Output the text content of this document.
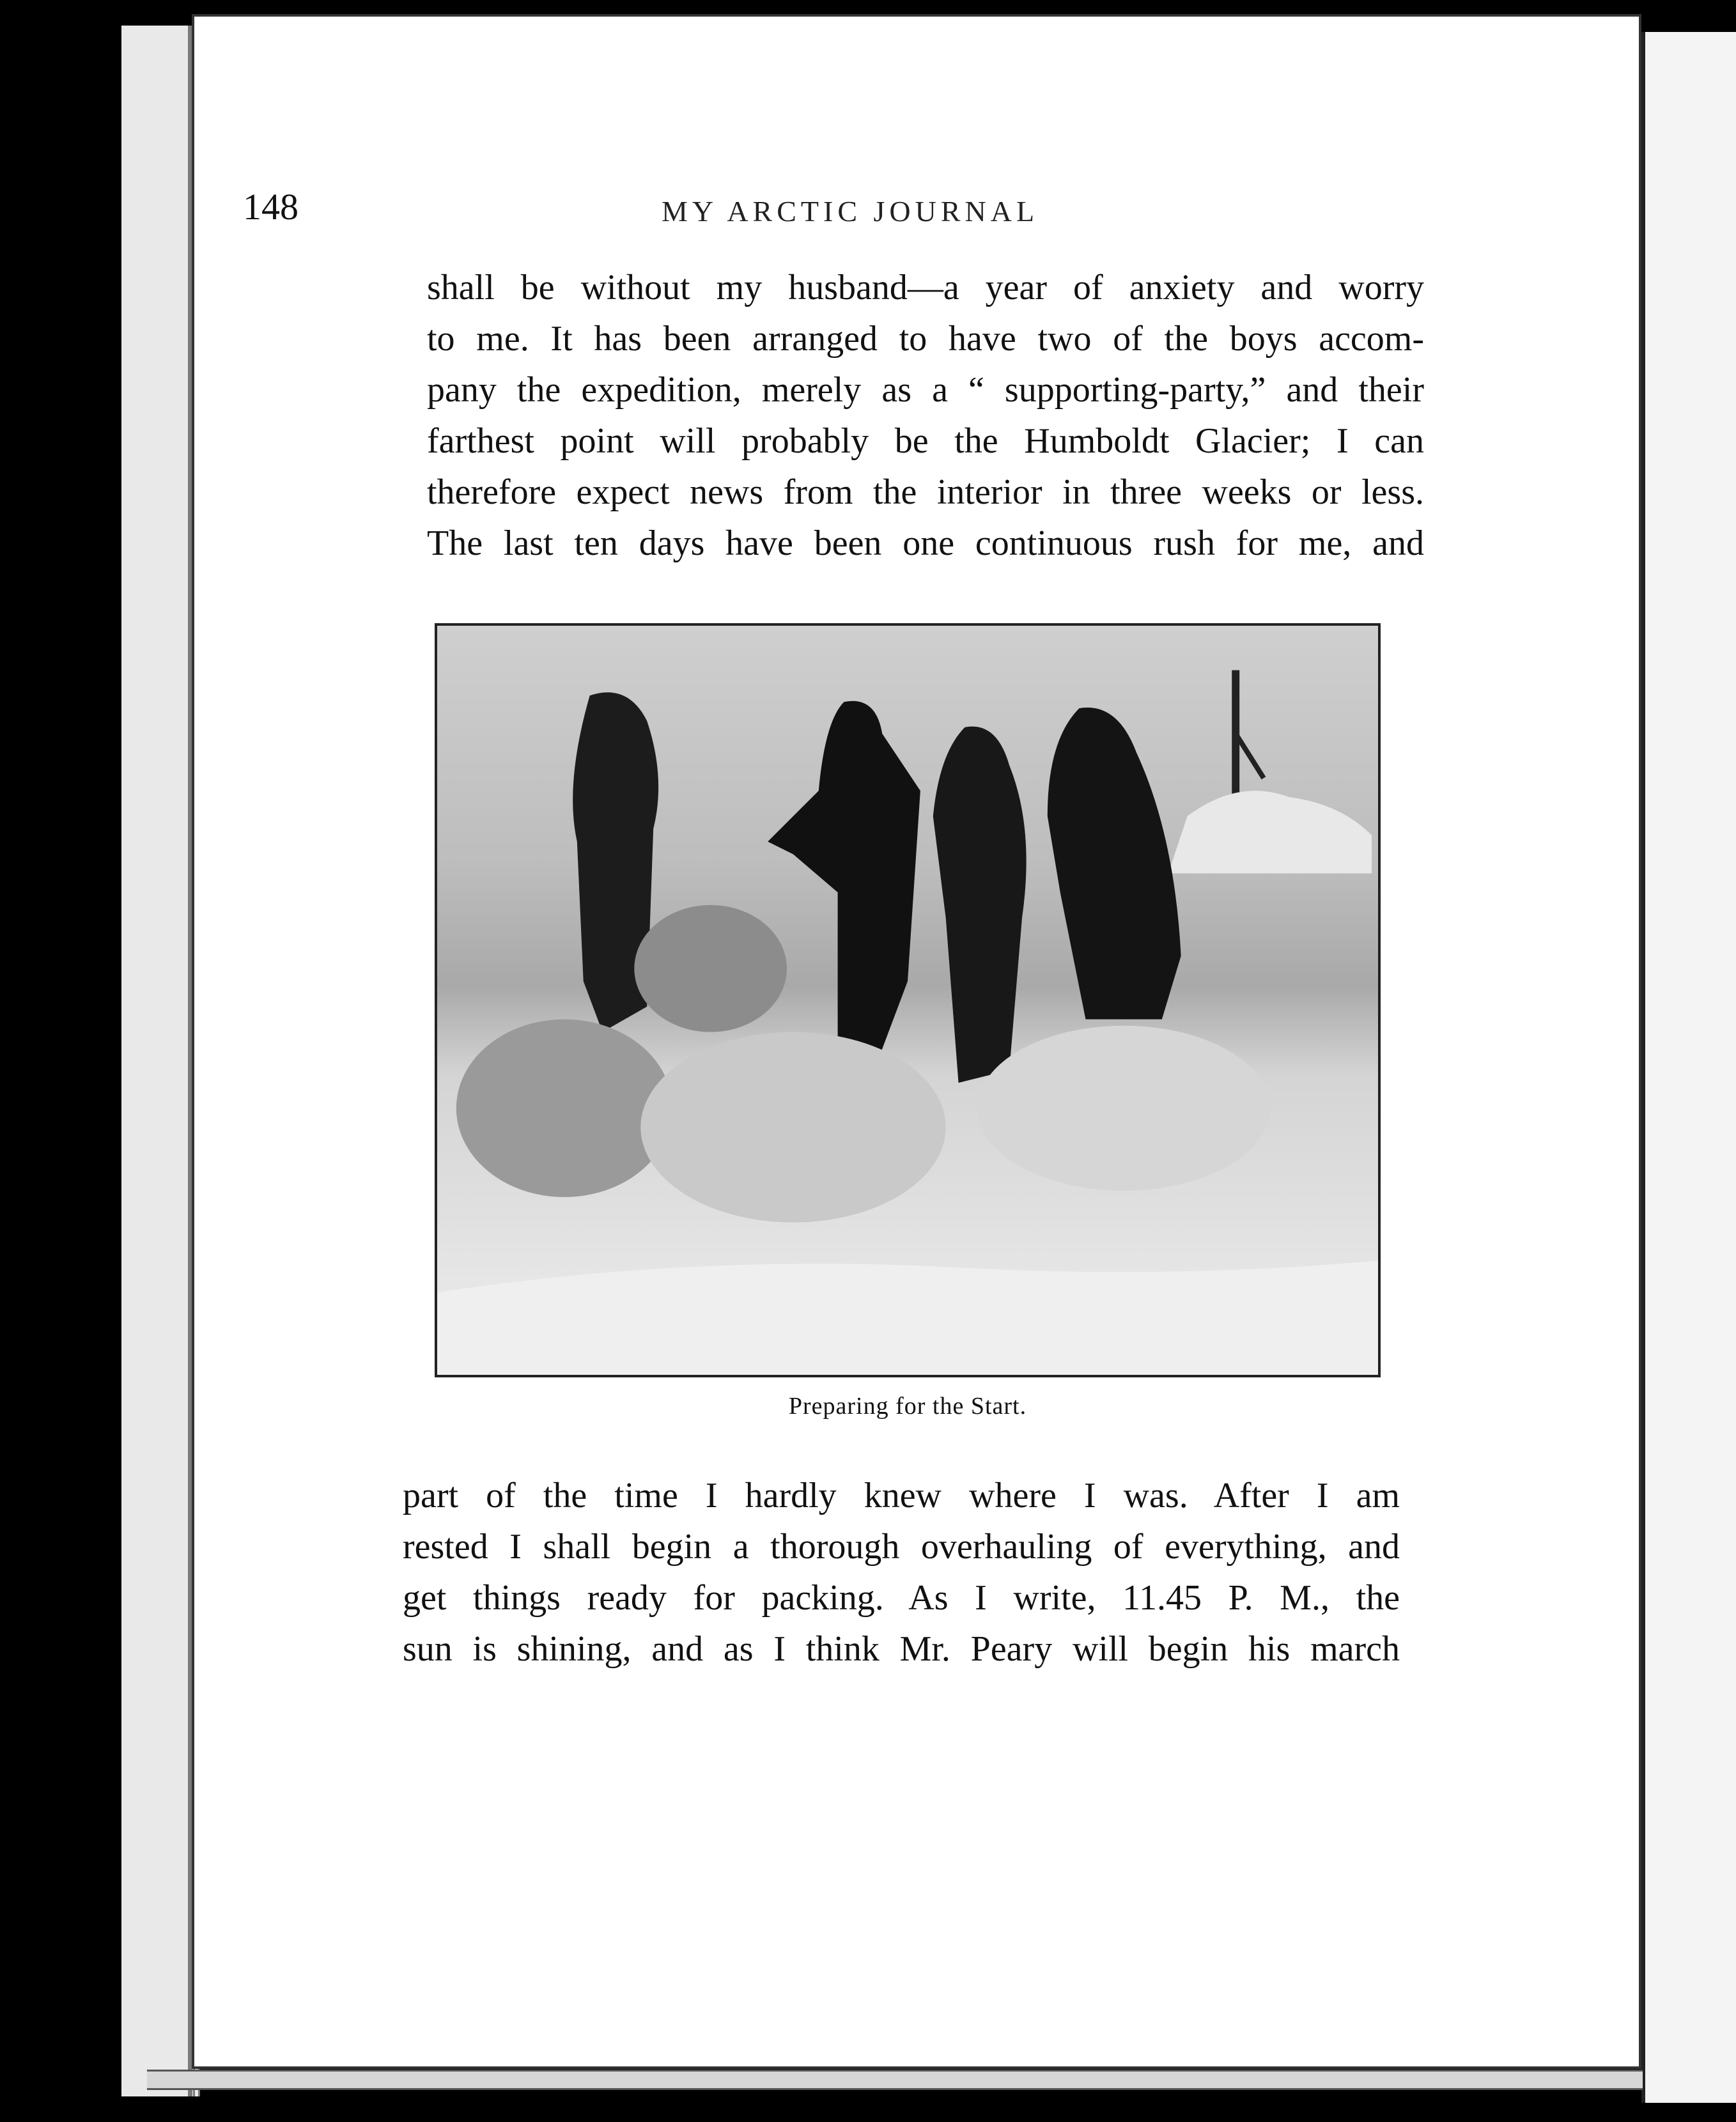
148	MY ARCTIC JOURNAL
shall be without my husband—a year of anxiety and worry
to me. It has been arranged to have two of the boys accom-
pany the expedition, merely as a “ supporting-party,” and their
farthest point will probably be the Humboldt Glacier; I can
therefore expect news from the interior in three weeks or less.
The last ten days have been one continuous rush for me, and
Preparing for the Start.
part of the time I hardly knew where I was. After I am
rested I shall begin a thorough overhauling of everything, and
get things ready for packing. As I write, 11.45 P. M., the
sun is shining, and as I think Mr. Peary will begin his march
